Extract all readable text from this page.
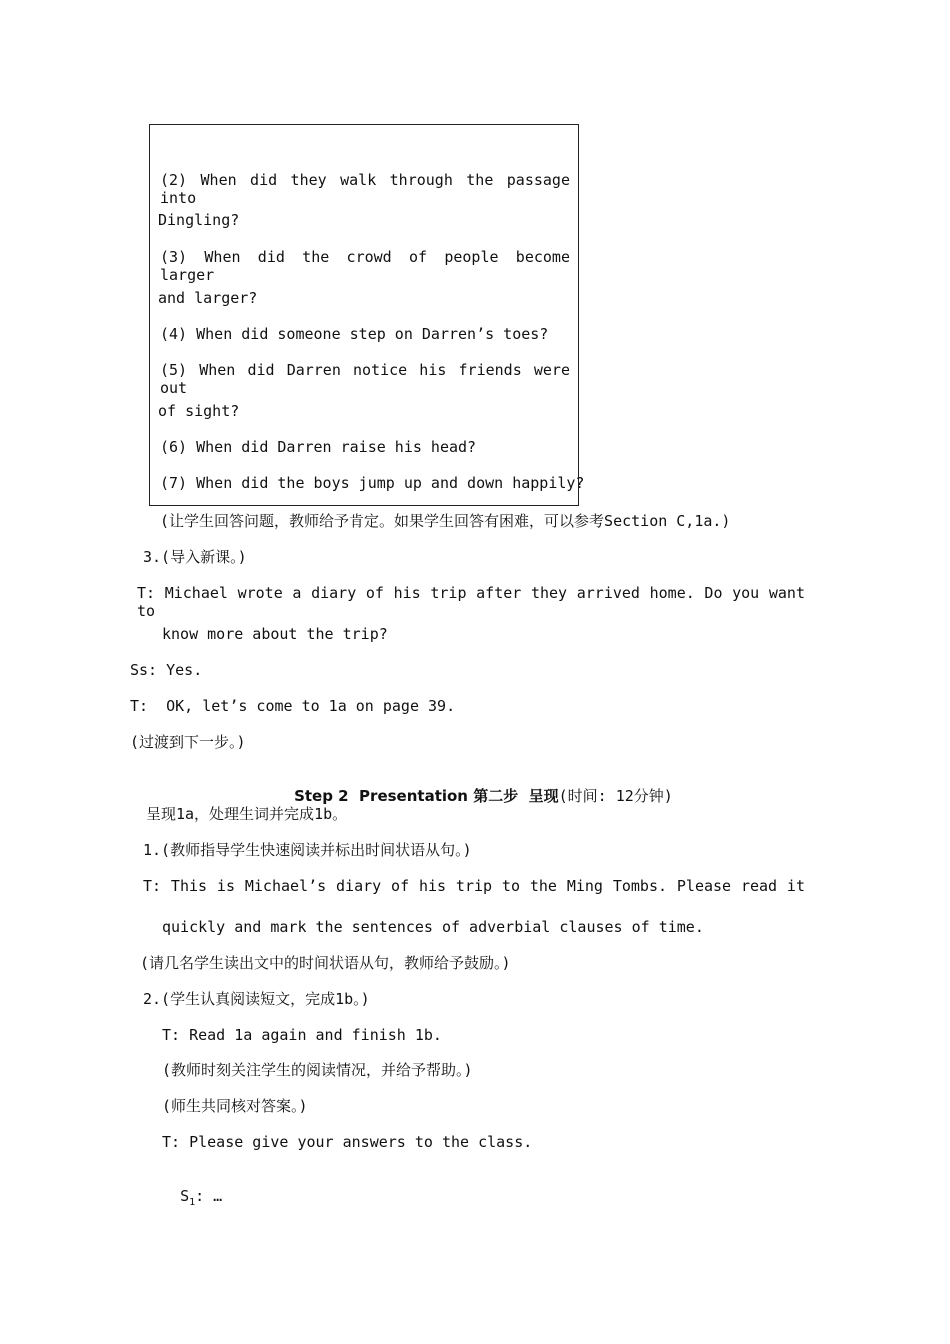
(2) When did they walk through the passage into
Dingling?
(3) When did the crowd of people become larger
and larger?
(4) When did someone step on Darren’s toes?
(5) When did Darren notice his friends were out
of sight?
(6) When did Darren raise his head?
(7) When did the boys jump up and down happily?
(让学生回答问题，教师给予肯定。如果学生回答有困难，可以参考Section C,1a.)
3.(导入新课。)
T: Michael wrote a diary of his trip after they arrived home. Do you want to
know more about the trip?
Ss: Yes.
T:  OK, let’s come to 1a on page 39.
(过渡到下一步。)

Step 2  Presentation 第二步  呈现(时间: 12分钟)

呈现1a，处理生词并完成1b。
1.(教师指导学生快速阅读并标出时间状语从句。)
T: This is Michael’s diary of his trip to the Ming Tombs. Please read it
quickly and mark the sentences of adverbial clauses of time.
(请几名学生读出文中的时间状语从句，教师给予鼓励。)
2.(学生认真阅读短文，完成1b。)
T: Read 1a again and finish 1b.
(教师时刻关注学生的阅读情况，并给予帮助。)
(师生共同核对答案。)
T: Please give your answers to the class.

$S_1$: …
